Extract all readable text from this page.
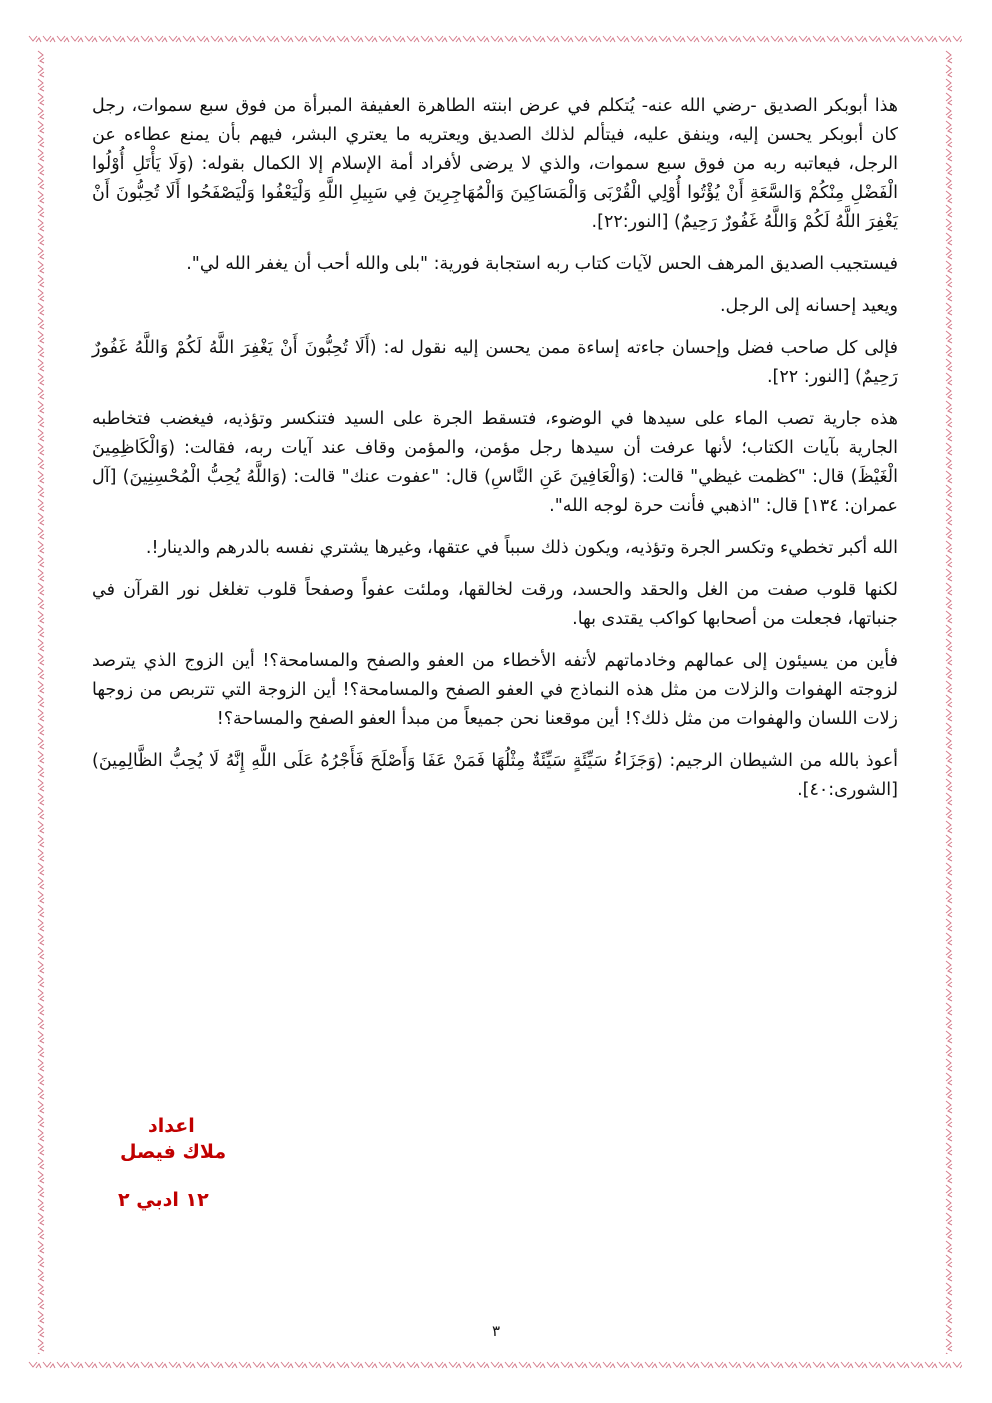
هذا أبوبكر الصديق -رضي الله عنه- يُتكلم في عرض ابنته الطاهرة العفيفة المبرأة من فوق سبع سموات، رجل كان أبوبكر يحسن إليه، وينفق عليه، فيتألم لذلك الصديق ويعتريه ما يعتري البشر، فيهم بأن يمنع عطاءه عن الرجل، فيعاتبه ربه من فوق سبع سموات، والذي لا يرضى لأفراد أمة الإسلام إلا الكمال بقوله: (وَلَا يَأْتَلِ أُوْلُوا الْفَضْلِ مِنْكُمْ وَالسَّعَةِ أَنْ يُؤْتُوا أُوْلِي الْقُرْبَى وَالْمَسَاكِينَ وَالْمُهَاجِرِينَ فِي سَبِيلِ اللَّهِ وَلْيَعْفُوا وَلْيَصْفَحُوا أَلَا تُحِبُّونَ أَنْ يَغْفِرَ اللَّهُ لَكُمْ وَاللَّهُ غَفُورٌ رَحِيمٌ) [النور:٢٢].

فيستجيب الصديق المرهف الحس لآيات كتاب ربه استجابة فورية: "بلى والله أحب أن يغفر الله لي".

ويعيد إحسانه إلى الرجل.

فإلى كل صاحب فضل وإحسان جاءته إساءة ممن يحسن إليه نقول له: (أَلَا تُحِبُّونَ أَنْ يَغْفِرَ اللَّهُ لَكُمْ وَاللَّهُ غَفُورٌ رَحِيمٌ) [النور: ٢٢].

هذه جارية تصب الماء على سيدها في الوضوء، فتسقط الجرة على السيد فتنكسر وتؤذيه، فيغضب فتخاطبه الجارية بآيات الكتاب؛ لأنها عرفت أن سيدها رجل مؤمن، والمؤمن وقاف عند آيات ربه، فقالت: (وَالْكَاظِمِينَ الْغَيْظَ) قال: "كظمت غيظي" قالت: (وَالْعَافِينَ عَنِ النَّاسِ) قال: "عفوت عنك" قالت: (وَاللَّهُ يُحِبُّ الْمُحْسِنِينَ) [آل عمران: ١٣٤] قال: "اذهبي فأنت حرة لوجه الله".

الله أكبر تخطيء وتكسر الجرة وتؤذيه، ويكون ذلك سبباً في عتقها، وغيرها يشتري نفسه بالدرهم والدينار!.

لكنها قلوب صفت من الغل والحقد والحسد، ورقت لخالقها، وملئت عفواً وصفحاً قلوب تغلغل نور القرآن في جنباتها، فجعلت من أصحابها كواكب يقتدى بها.

فأين من يسيئون إلى عمالهم وخادماتهم لأتفه الأخطاء من العفو والصفح والمسامحة؟! أين الزوج الذي يترصد لزوجته الهفوات والزلات من مثل هذه النماذج في العفو الصفح والمسامحة؟! أين الزوجة التي تتربص من زوجها زلات اللسان والهفوات من مثل ذلك؟! أين موقعنا نحن جميعاً من مبدأ العفو الصفح والمساحة؟!

أعوذ بالله من الشيطان الرجيم: (وَجَزَاءُ سَيِّئَةٍ سَيِّئَةٌ مِثْلُهَا فَمَنْ عَفَا وَأَصْلَحَ فَأَجْرُهُ عَلَى اللَّهِ إِنَّهُ لَا يُحِبُّ الظَّالِمِينَ) [الشورى:٤٠].

اعداد
ملاك فيصل
١٢ ادبي ٢
٣
